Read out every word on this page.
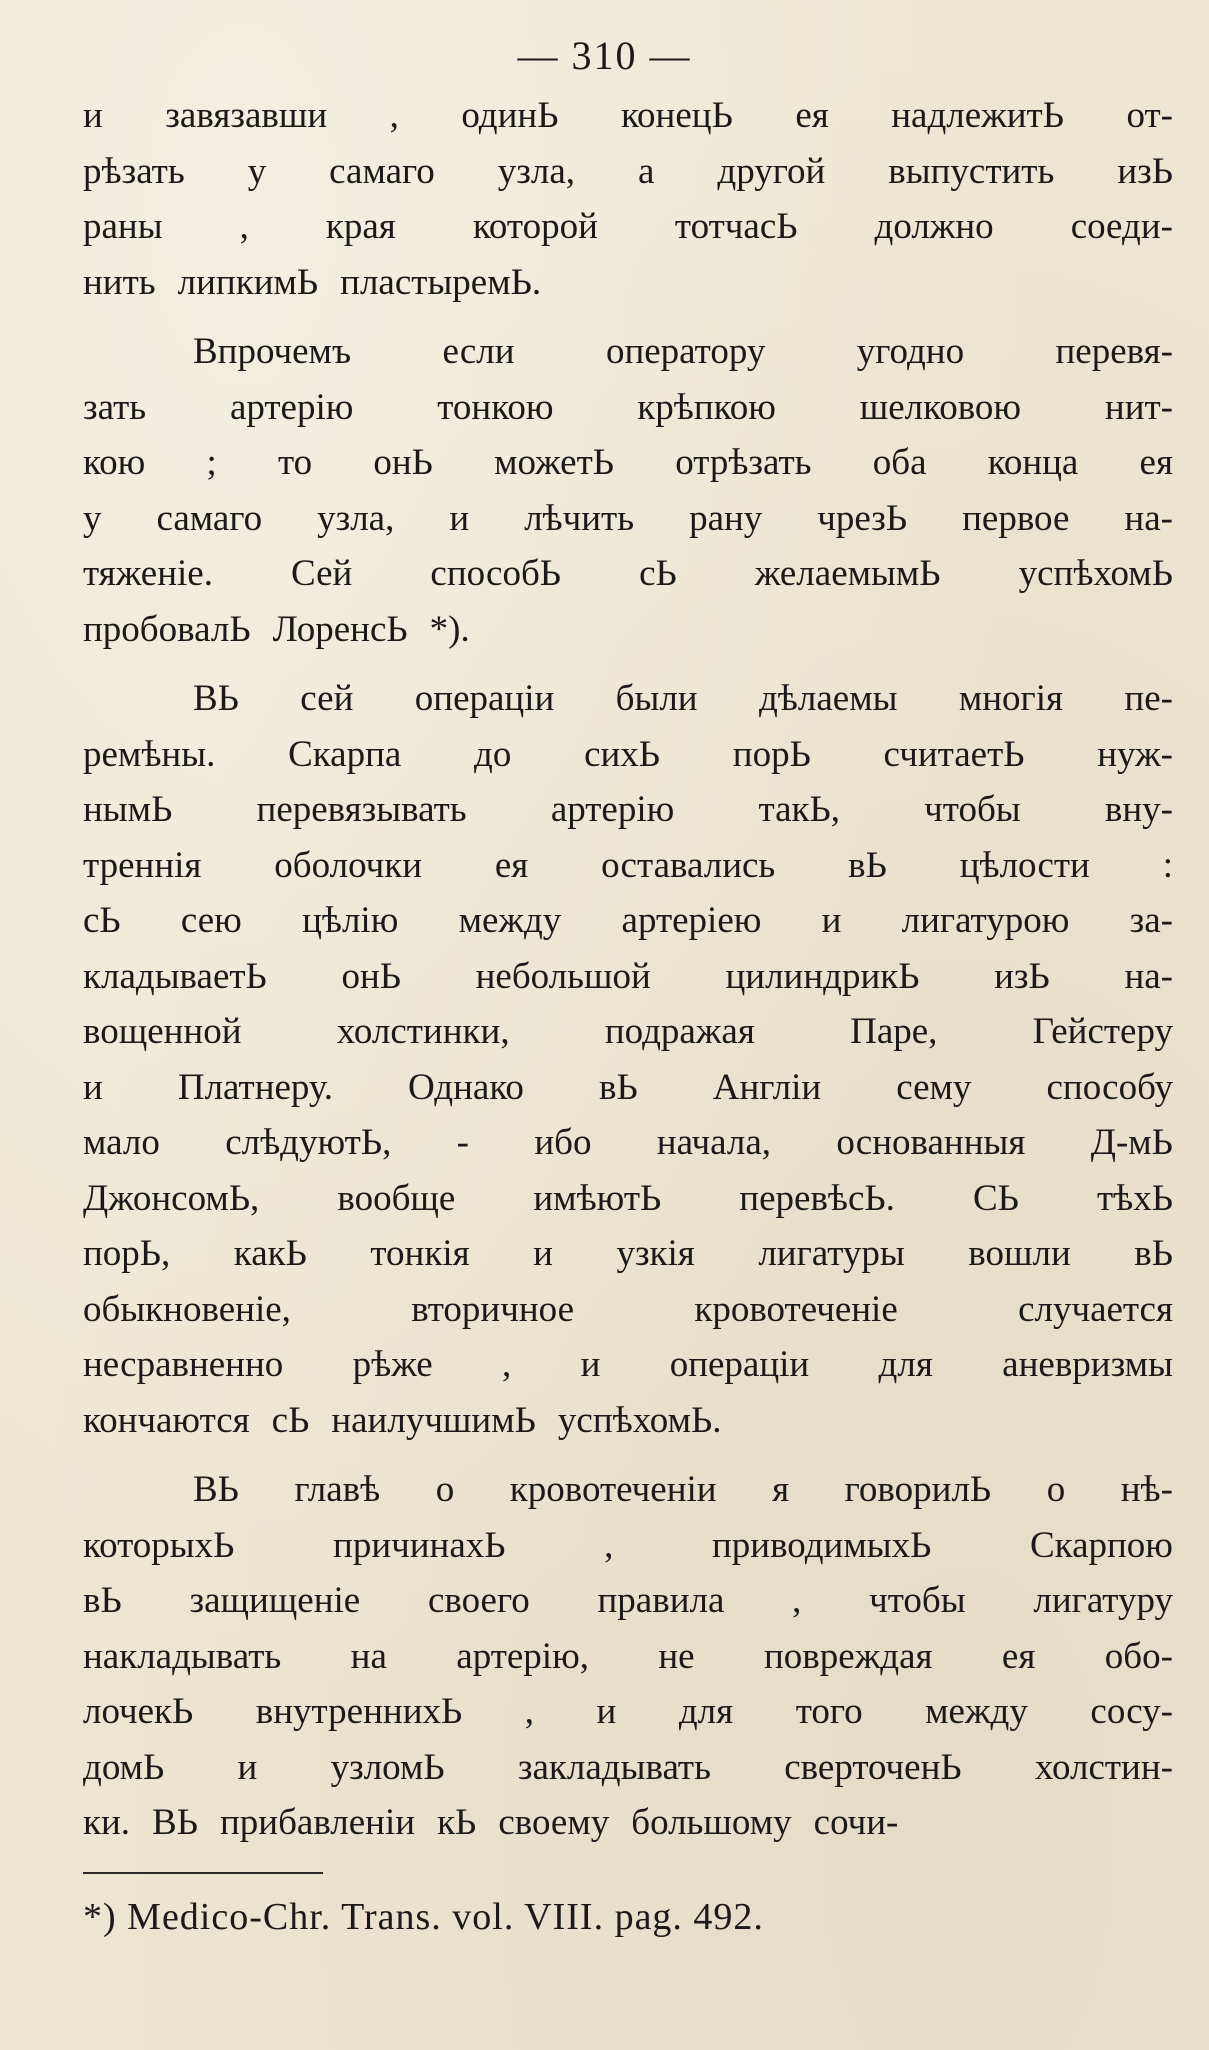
— 310 —
и завязавши , одинЬ конецЬ ея надлежитЬ от-
рѣзать у самаго узла, а другой выпустить изЬ
раны , края которой тотчасЬ должно соеди-
нить липкимЬ пластыремЬ.
Впрочемъ если оператору угодно перевя-
зать артерію тонкою крѣпкою шелковою нит-
кою ; то онЬ можетЬ отрѣзать оба конца ея
у самаго узла, и лѣчить рану чрезЬ первое на-
тяженіе. Сей способЬ сЬ желаемымЬ успѣхомЬ
пробовалЬ ЛоренсЬ *).
ВЬ сей операціи были дѣлаемы многія пе-
ремѣны. Скарпа до сихЬ порЬ считаетЬ нуж-
нымЬ перевязывать артерію такЬ, чтобы вну-
треннія оболочки ея оставались вЬ цѣлости :
сЬ сею цѣлію между артеріею и лигатурою за-
кладываетЬ онЬ небольшой цилиндрикЬ изЬ на-
вощенной	холстинки,	подражая	Паре,	Гейстеру
и Платнеру. Однако вЬ Англіи сему способу
мало слѣдуютЬ, - ибо начала, основанныя Д-мЬ
ДжонсомЬ, вообще имѣютЬ перевѣсЬ. СЬ тѣхЬ
порЬ, какЬ тонкія и узкія лигатуры вошли вЬ
обыкновеніе,	вторичное	кровотеченіе	случается
несравненно рѣже , и операціи для аневризмы
кончаются сЬ наилучшимЬ успѣхомЬ.
ВЬ главѣ о кровотеченіи я говорилЬ о нѣ-
которыхЬ	причинахЬ	,	приводимыхЬ	Скарпою
вЬ защищеніе своего правила , чтобы лигатуру
накладывать на артерію, не повреждая ея обо-
лочекЬ внутреннихЬ , и для того между сосу-
домЬ и узломЬ закладывать сверточенЬ холстин-
ки. ВЬ прибавленіи кЬ своему большому сочи-
*) Medico-Chr. Trans. vol. VIII. pag. 492.
